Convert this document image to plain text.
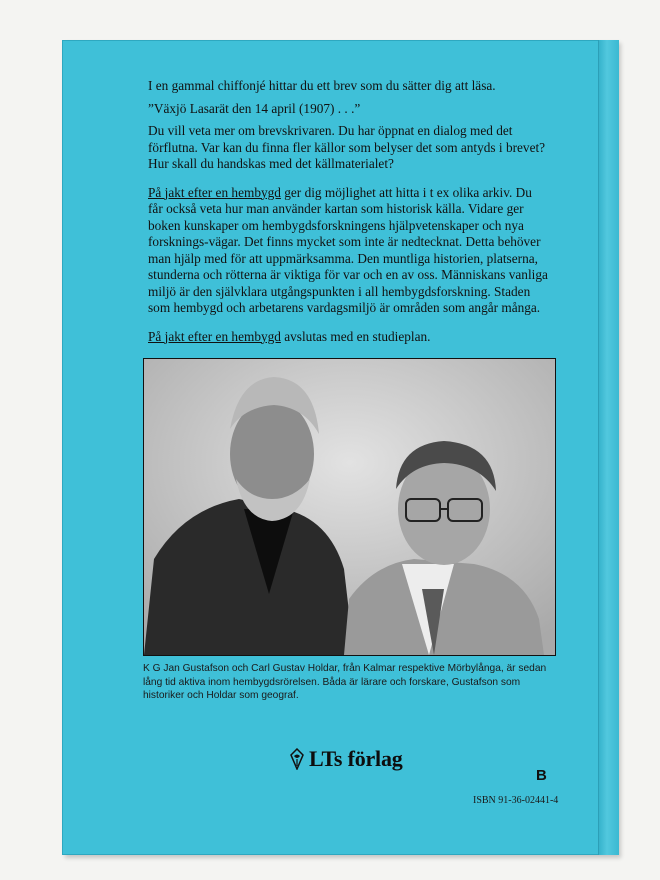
I en gammal chiffonjé hittar du ett brev som du sätter dig att läsa.

”Växjö Lasarät den 14 april (1907) . . .”

Du vill veta mer om brevskrivaren. Du har öppnat en dialog med det förflutna. Var kan du finna fler källor som belyser det som antyds i brevet? Hur skall du handskas med det källmaterialet?

På jakt efter en hembygd ger dig möjlighet att hitta i t ex olika arkiv. Du får också veta hur man använder kartan som historisk källa. Vidare ger boken kunskaper om hembygdsforskningens hjälpvetenskaper och nya forsknings-vägar. Det finns mycket som inte är nedtecknat. Detta behöver man hjälp med för att uppmärksamma. Den muntliga historien, platserna, stunderna och rötterna är viktiga för var och en av oss. Människans vanliga miljö är den självklara utgångspunkten i all hembygdsforskning. Staden som hembygd och arbetarens vardagsmiljö är områden som angår många.

På jakt efter en hembygd avslutas med en studieplan.

K G Jan Gustafson och Carl Gustav Holdar, från Kalmar respektive Mörbylånga, är sedan lång tid aktiva inom hembygdsrörelsen. Båda är lärare och forskare, Gustafson som historiker och Holdar som geograf.
LTs förlag
B
ISBN 91-36-02441-4
